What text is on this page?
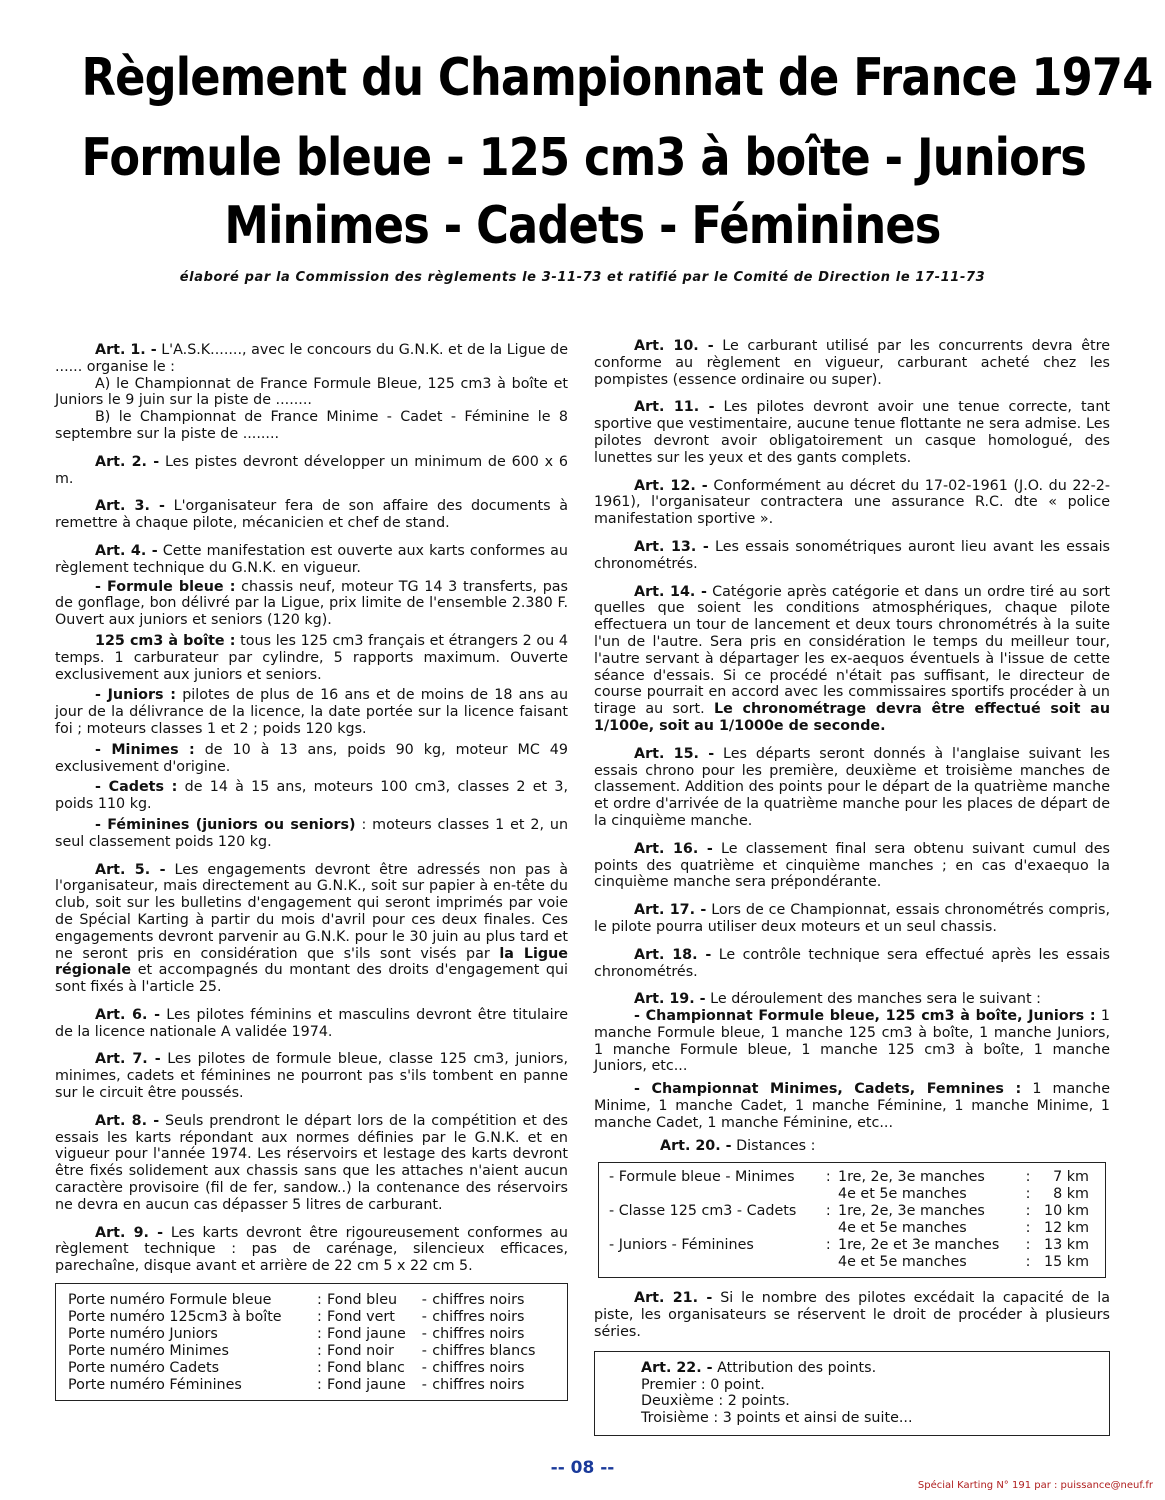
Règlement du Championnat de France 1974
Formule bleue - 125 cm3 à boîte - Juniors
Minimes - Cadets - Féminines
élaboré par la Commission des règlements le 3-11-73 et ratifié par le Comité de Direction le 17-11-73

Art. 1. - L'A.S.K......., avec le concours du G.N.K. et de la Ligue de ...... organise le :
A) le Championnat de France Formule Bleue, 125 cm3 à boîte et Juniors le 9 juin sur la piste de ........
B) le Championnat de France Minime - Cadet - Féminine le 8 septembre sur la piste de ........

Art. 2. - Les pistes devront développer un minimum de 600 x 6 m.

Art. 3. - L'organisateur fera de son affaire des documents à remettre à chaque pilote, mécanicien et chef de stand.

Art. 4. - Cette manifestation est ouverte aux karts conformes au règlement technique du G.N.K. en vigueur.

- Formule bleue : chassis neuf, moteur TG 14 3 transferts, pas de gonflage, bon délivré par la Ligue, prix limite de l'ensemble 2.380 F. Ouvert aux juniors et seniors (120 kg).

125 cm3 à boîte : tous les 125 cm3 français et étrangers 2 ou 4 temps. 1 carburateur par cylindre, 5 rapports maximum. Ouverte exclusivement aux juniors et seniors.

- Juniors : pilotes de plus de 16 ans et de moins de 18 ans au jour de la délivrance de la licence, la date portée sur la licence faisant foi ; moteurs classes 1 et 2 ; poids 120 kgs.

- Minimes : de 10 à 13 ans, poids 90 kg, moteur MC 49 exclusivement d'origine.

- Cadets : de 14 à 15 ans, moteurs 100 cm3, classes 2 et 3, poids 110 kg.

- Féminines (juniors ou seniors) : moteurs classes 1 et 2, un seul classement poids 120 kg.

Art. 5. - Les engagements devront être adressés non pas à l'organisateur, mais directement au G.N.K., soit sur papier à en-tête du club, soit sur les bulletins d'engagement qui seront imprimés par voie de Spécial Karting à partir du mois d'avril pour ces deux finales. Ces engagements devront parvenir au G.N.K. pour le 30 juin au plus tard et ne seront pris en considération que s'ils sont visés par la Ligue régionale et accompagnés du montant des droits d'engagement qui sont fixés à l'article 25.

Art. 6. - Les pilotes féminins et masculins devront être titulaire de la licence nationale A validée 1974.

Art. 7. - Les pilotes de formule bleue, classe 125 cm3, juniors, minimes, cadets et féminines ne pourront pas s'ils tombent en panne sur le circuit être poussés.

Art. 8. - Seuls prendront le départ lors de la compétition et des essais les karts répondant aux normes définies par le G.N.K. et en vigueur pour l'année 1974. Les réservoirs et lestage des karts devront être fixés solidement aux chassis sans que les attaches n'aient aucun caractère provisoire (fil de fer, sandow..) la contenance des réservoirs ne devra en aucun cas dépasser 5 litres de carburant.

Art. 9. - Les karts devront être rigoureusement conformes au règlement technique : pas de carénage, silencieux efficaces, parechaîne, disque avant et arrière de 22 cm 5 x 22 cm 5.

Porte numéro Formule bleue	:	Fond bleu	-	chiffres noirs
Porte numéro 125cm3 à boîte	:	Fond vert	-	chiffres noirs
Porte numéro Juniors	:	Fond jaune	-	chiffres noirs
Porte numéro Minimes	:	Fond noir	-	chiffres blancs
Porte numéro Cadets	:	Fond blanc	-	chiffres noirs
Porte numéro Féminines	:	Fond jaune	-	chiffres noirs

Art. 10. - Le carburant utilisé par les concurrents devra être conforme au règlement en vigueur, carburant acheté chez les pompistes (essence ordinaire ou super).

Art. 11. - Les pilotes devront avoir une tenue correcte, tant sportive que vestimentaire, aucune tenue flottante ne sera admise. Les pilotes devront avoir obligatoirement un casque homologué, des lunettes sur les yeux et des gants complets.

Art. 12. - Conformément au décret du 17-02-1961 (J.O. du 22-2-1961), l'organisateur contractera une assurance R.C. dte « police manifestation sportive ».

Art. 13. - Les essais sonométriques auront lieu avant les essais chronométrés.

Art. 14. - Catégorie après catégorie et dans un ordre tiré au sort quelles que soient les conditions atmosphériques, chaque pilote effectuera un tour de lancement et deux tours chronométrés à la suite l'un de l'autre. Sera pris en considération le temps du meilleur tour, l'autre servant à départager les ex-aequos éventuels à l'issue de cette séance d'essais. Si ce procédé n'était pas suffisant, le directeur de course pourrait en accord avec les commissaires sportifs procéder à un tirage au sort. Le chronométrage devra être effectué soit au 1/100e, soit au 1/1000e de seconde.

Art. 15. - Les départs seront donnés à l'anglaise suivant les essais chrono pour les première, deuxième et troisième manches de classement. Addition des points pour le départ de la quatrième manche et ordre d'arrivée de la quatrième manche pour les places de départ de la cinquième manche.

Art. 16. - Le classement final sera obtenu suivant cumul des points des quatrième et cinquième manches ; en cas d'exaequo la cinquième manche sera prépondérante.

Art. 17. - Lors de ce Championnat, essais chronométrés compris, le pilote pourra utiliser deux moteurs et un seul chassis.

Art. 18. - Le contrôle technique sera effectué après les essais chronométrés.

Art. 19. - Le déroulement des manches sera le suivant :

- Championnat Formule bleue, 125 cm3 à boîte, Juniors : 1 manche Formule bleue, 1 manche 125 cm3 à boîte, 1 manche Juniors, 1 manche Formule bleue, 1 manche 125 cm3 à boîte, 1 manche Juniors, etc...

- Championnat Minimes, Cadets, Femnines : 1 manche Minime, 1 manche Cadet, 1 manche Féminine, 1 manche Minime, 1 manche Cadet, 1 manche Féminine, etc...

Art. 20. - Distances :

- Formule bleue - Minimes	:	1re, 2e, 3e manches	:	7 km
		4e et 5e manches	:	8 km
- Classe 125 cm3 - Cadets	:	1re, 2e, 3e manches	:	10 km
		4e et 5e manches	:	12 km
- Juniors - Féminines	:	1re, 2e et 3e manches	:	13 km
		4e et 5e manches	:	15 km

Art. 21. - Si le nombre des pilotes excédait la capacité de la piste, les organisateurs se réservent le droit de procéder à plusieurs séries.

Art. 22. - Attribution des points.
Premier : 0 point.
Deuxième : 2 points.
Troisième : 3 points et ainsi de suite...
-- 08 --
Spécial Karting N° 191 par : puissance@neuf.fr
